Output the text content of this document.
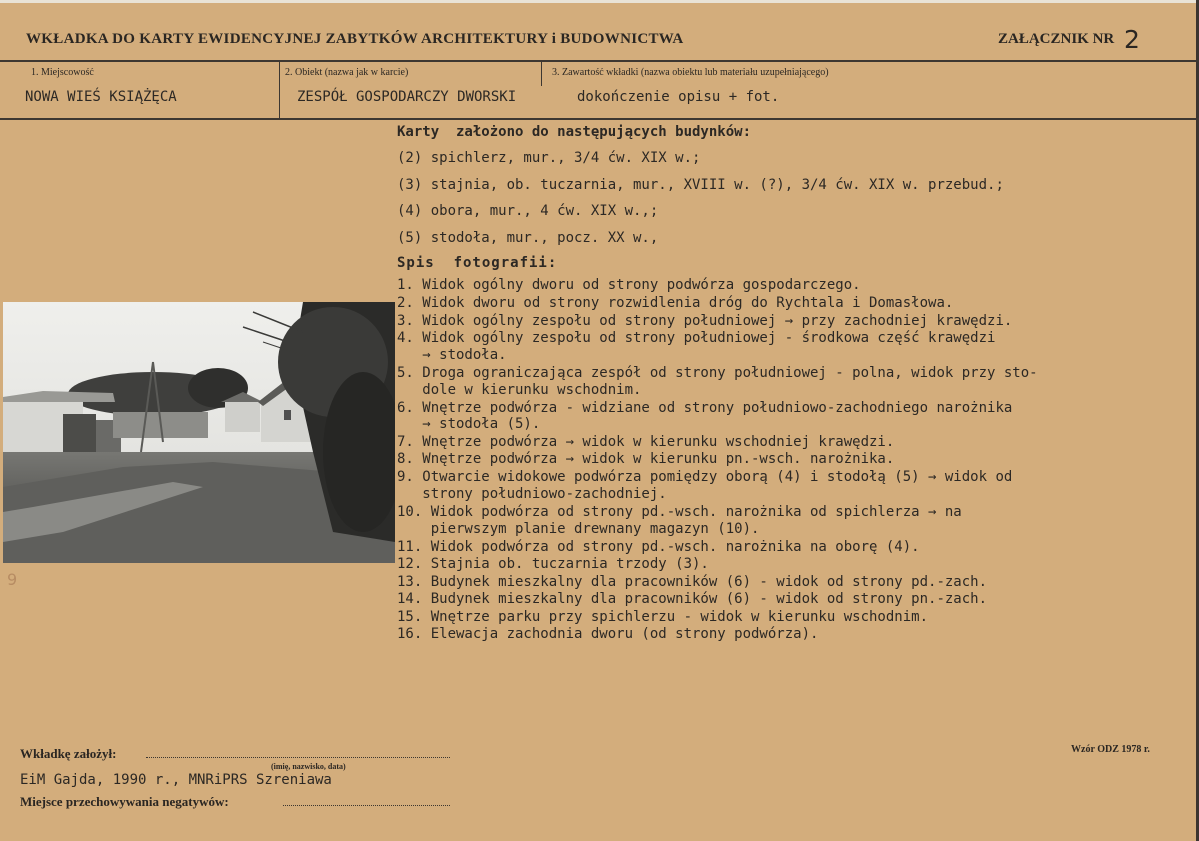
WKŁADKA DO KARTY EWIDENCYJNEJ ZABYTKÓW ARCHITEKTURY i BUDOWNICTWA	ZAŁĄCZNIK NR 2
1. Miejscowość	2. Obiekt (nazwa jak w karcie)	3. Zawartość wkładki (nazwa obiektu lub materiału uzupełniającego)
NOWA WIEŚ KSIĄŻĘCA	ZESPÓŁ GOSPODARCZY DWORSKI	dokończenie opisu + fot.
Karty  założono do następujących budynków:
(2) spichlerz, mur., 3/4 ćw. XIX w.;
(3) stajnia, ob. tuczarnia, mur., XVIII w. (?), 3/4 ćw. XIX w. przebud.;
(4) obora, mur., 4 ćw. XIX w.,;
(5) stodoła, mur., pocz. XX w.,
Spis  fotografii:
1. Widok ogólny dworu od strony podwórza gospodarczego.
2. Widok dworu od strony rozwidlenia dróg do Rychtala i Domasłowa.
3. Widok ogólny zespołu od strony południowej → przy zachodniej krawędzi.
4. Widok ogólny zespołu od strony południowej - środkowa część krawędzi
→ stodoła.
5. Droga ograniczająca zespół od strony południowej - polna, widok przy sto-
dole w kierunku wschodnim.
6. Wnętrze podwórza - widziane od strony południowo-zachodniego narożnika
→ stodoła (5).
7. Wnętrze podwórza → widok w kierunku wschodniej krawędzi.
8. Wnętrze podwórza → widok w kierunku pn.-wsch. narożnika.
9. Otwarcie widokowe podwórza pomiędzy oborą (4) i stodołą (5) → widok od
strony południowo-zachodniej.
10. Widok podwórza od strony pd.-wsch. narożnika od spichlerza → na
pierwszym planie drewnany magazyn (10).
11. Widok podwórza od strony pd.-wsch. narożnika na oborę (4).
12. Stajnia ob. tuczarnia trzody (3).
13. Budynek mieszkalny dla pracowników (6) - widok od strony pd.-zach.
14. Budynek mieszkalny dla pracowników (6) - widok od strony pn.-zach.
15. Wnętrze parku przy spichlerzu - widok w kierunku wschodnim.
16. Elewacja zachodnia dworu (od strony podwórza).
9
Wkładkę założył:
(imię, nazwisko, data)
EiM Gajda, 1990 r., MNRiPRS Szreniawa
Miejsce przechowywania negatywów:
Wzór ODZ 1978 r.
